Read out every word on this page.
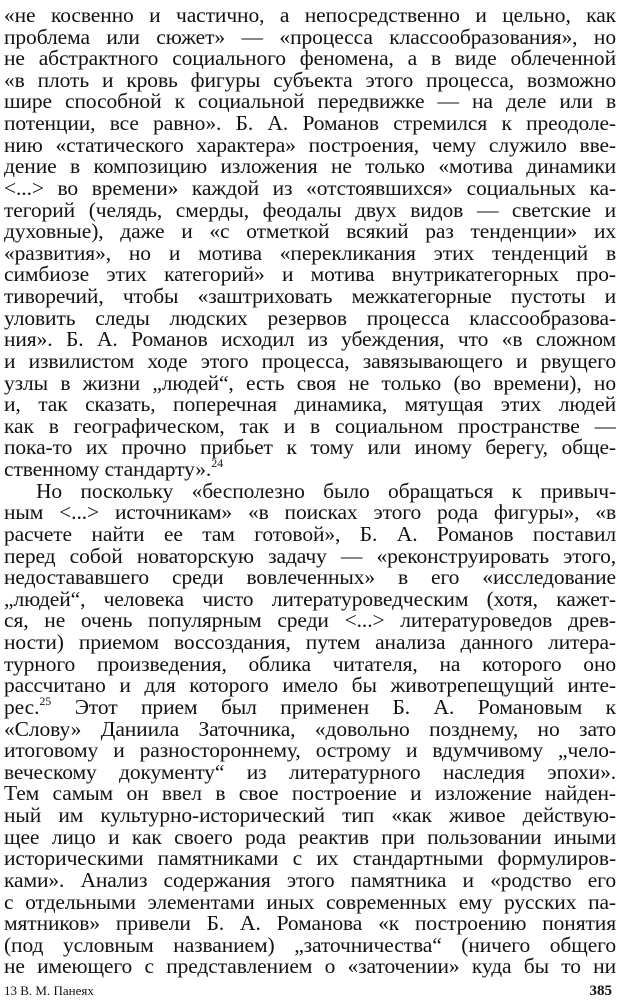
«не косвенно и частично, а непосредственно и цельно, как
проблема или сюжет» — «процесса классообразования», но
не абстрактного социального феномена, а в виде облеченной
«в плоть и кровь фигуры субъекта этого процесса, возможно
шире способной к социальной передвижке — на деле или в
потенции, все равно». Б. А. Романов стремился к преодоле-
нию «статического характера» построения, чему служило вве-
дение в композицию изложения не только «мотива динамики
<...> во времени» каждой из «отстоявшихся» социальных ка-
тегорий (челядь, смерды, феодалы двух видов — светские и
духовные), даже и «с отметкой всякий раз тенденции» их
«развития», но и мотива «перекликания этих тенденций в
симбиозе этих категорий» и мотива внутрикатегорных про-
тиворечий, чтобы «заштриховать межкатегорные пустоты и
уловить следы людских резервов процесса классообразова-
ния». Б. А. Романов исходил из убеждения, что «в сложном
и извилистом ходе этого процесса, завязывающего и рвущего
узлы в жизни „людей“, есть своя не только (во времени), но
и, так сказать, поперечная динамика, мятущая этих людей
как в географическом, так и в социальном пространстве —
пока-то их прочно прибьет к тому или иному берегу, обще-
ственному стандарту».$^{24}$
Но поскольку «бесполезно было обращаться к привыч-
ным <...> источникам» «в поисках этого рода фигуры», «в
расчете найти ее там готовой», Б. А. Романов поставил
перед собой новаторскую задачу — «реконструировать этого,
недостававшего среди вовлеченных» в его «исследование
„людей“, человека чисто литературоведческим (хотя, кажет-
ся, не очень популярным среди <...> литературоведов древ-
ности) приемом воссоздания, путем анализа данного литера-
турного произведения, облика читателя, на которого оно
рассчитано и для которого имело бы животрепещущий инте-
рес.$^{25}$ Этот прием был применен Б. А. Романовым к
«Слову» Даниила Заточника, «довольно позднему, но зато
итоговому и разностороннему, острому и вдумчивому „чело-
веческому документу“ из литературного наследия эпохи».
Тем самым он ввел в свое построение и изложение найден-
ный им культурно-исторический тип «как живое действую-
щее лицо и как своего рода реактив при пользовании иными
историческими памятниками с их стандартными формулиров-
ками». Анализ содержания этого памятника и «родство его
с отдельными элементами иных современных ему русских па-
мятников» привели Б. А. Романова «к построению понятия
(под условным названием) „заточничества“ (ничего общего
не имеющего с представлением о «заточении» куда бы то ни
13 В. М. Панеях	385
